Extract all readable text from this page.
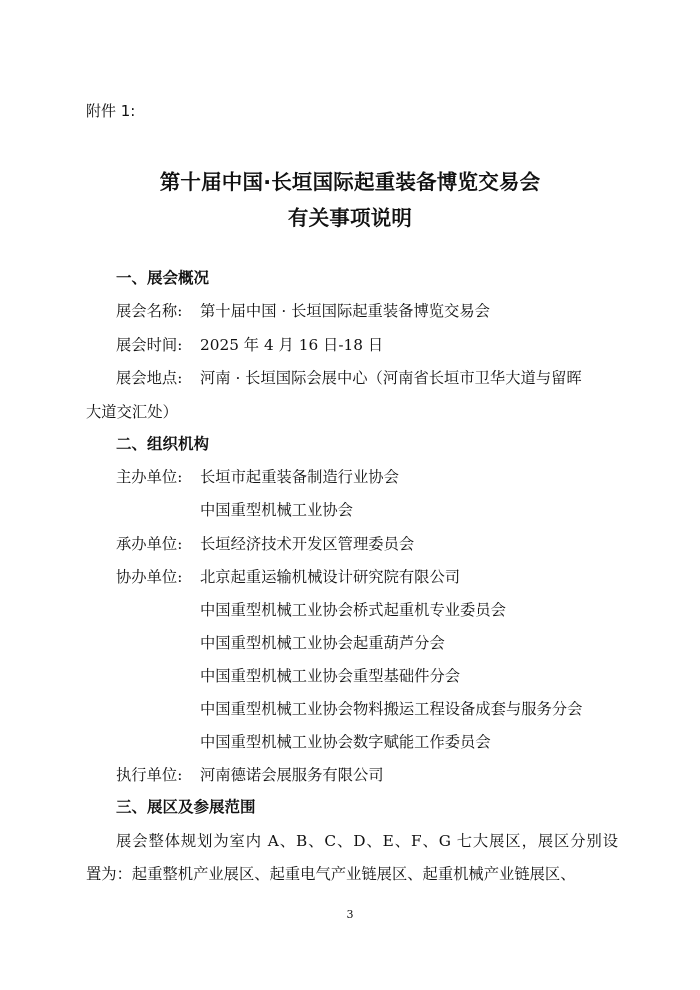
附件 1:
第十届中国·长垣国际起重装备博览交易会
有关事项说明
一、展会概况
展会名称: 第十届中国 · 长垣国际起重装备博览交易会
展会时间: 2025 年 4 月 16 日-18 日
展会地点: 河南 · 长垣国际会展中心（河南省长垣市卫华大道与留晖
大道交汇处）
二、组织机构
主办单位: 长垣市起重装备制造行业协会
中国重型机械工业协会
承办单位: 长垣经济技术开发区管理委员会
协办单位: 北京起重运输机械设计研究院有限公司
中国重型机械工业协会桥式起重机专业委员会
中国重型机械工业协会起重葫芦分会
中国重型机械工业协会重型基础件分会
中国重型机械工业协会物料搬运工程设备成套与服务分会
中国重型机械工业协会数字赋能工作委员会
执行单位: 河南德诺会展服务有限公司
三、展区及参展范围
展会整体规划为室内 A、B、C、D、E、F、G 七大展区，展区分别设
置为：起重整机产业展区、起重电气产业链展区、起重机械产业链展区、
3
